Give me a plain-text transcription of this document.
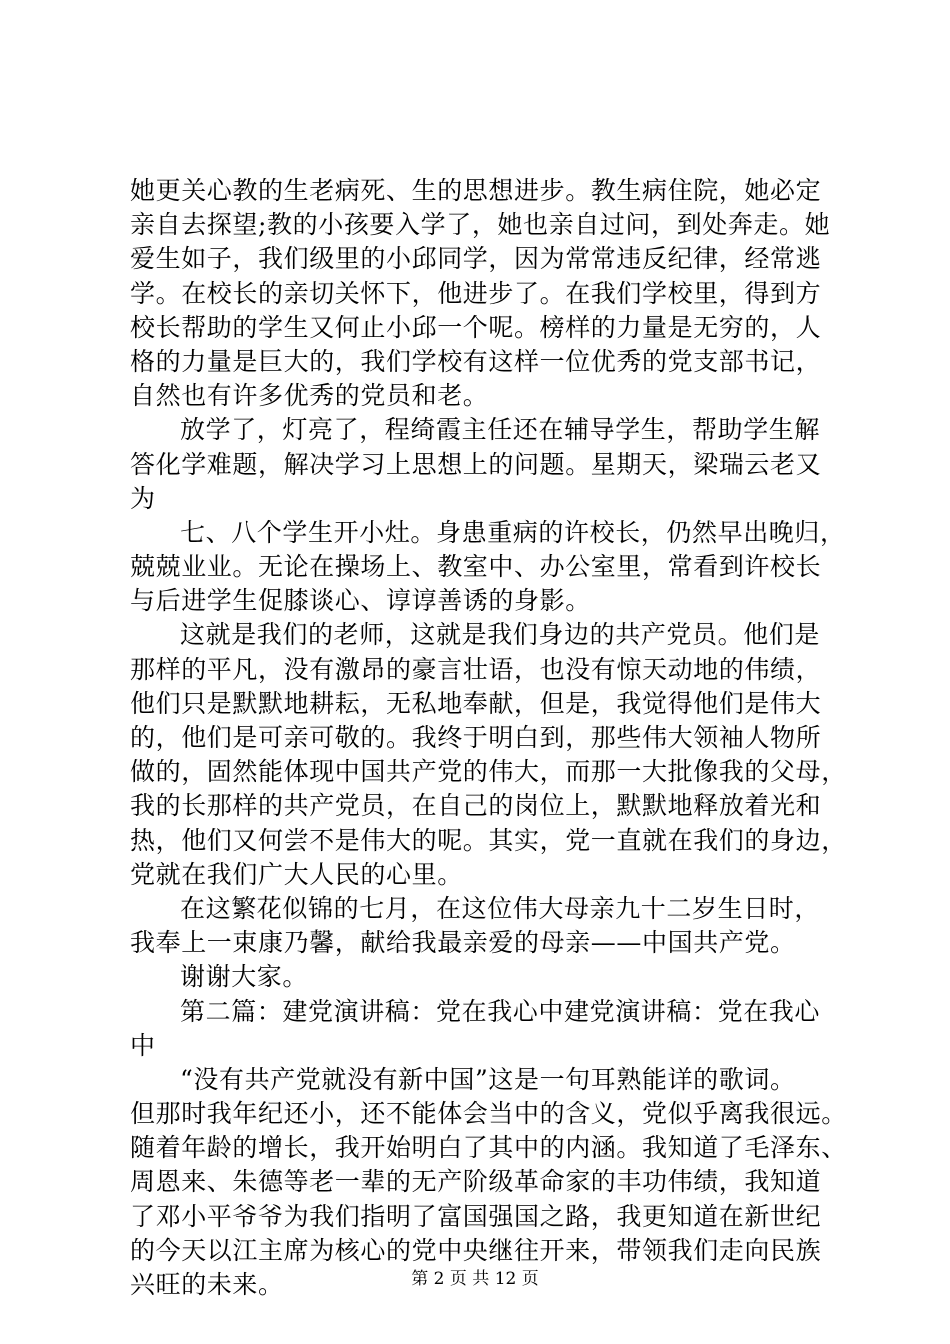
她更关心教的生老病死、生的思想进步。教生病住院，她必定
亲自去探望;教的小孩要入学了，她也亲自过问，到处奔走。她
爱生如子，我们级里的小邱同学，因为常常违反纪律，经常逃
学。在校长的亲切关怀下，他进步了。在我们学校里，得到方
校长帮助的学生又何止小邱一个呢。榜样的力量是无穷的，人
格的力量是巨大的，我们学校有这样一位优秀的党支部书记，
自然也有许多优秀的党员和老。
放学了，灯亮了，程绮霞主任还在辅导学生，帮助学生解
答化学难题，解决学习上思想上的问题。星期天，梁瑞云老又
为
七、八个学生开小灶。身患重病的许校长，仍然早出晚归，
兢兢业业。无论在操场上、教室中、办公室里，常看到许校长
与后进学生促膝谈心、谆谆善诱的身影。
这就是我们的老师，这就是我们身边的共产党员。他们是
那样的平凡，没有激昂的豪言壮语，也没有惊天动地的伟绩，
他们只是默默地耕耘，无私地奉献，但是，我觉得他们是伟大
的，他们是可亲可敬的。我终于明白到，那些伟大领袖人物所
做的，固然能体现中国共产党的伟大，而那一大批像我的父母，
我的长那样的共产党员，在自己的岗位上，默默地释放着光和
热，他们又何尝不是伟大的呢。其实，党一直就在我们的身边，
党就在我们广大人民的心里。
在这繁花似锦的七月，在这位伟大母亲九十二岁生日时，
我奉上一束康乃馨，献给我最亲爱的母亲——中国共产党。
谢谢大家。
第二篇：建党演讲稿：党在我心中建党演讲稿：党在我心
中
“没有共产党就没有新中国”这是一句耳熟能详的歌词。
但那时我年纪还小，还不能体会当中的含义，党似乎离我很远。
随着年龄的增长，我开始明白了其中的内涵。我知道了毛泽东、
周恩来、朱德等老一辈的无产阶级革命家的丰功伟绩，我知道
了邓小平爷爷为我们指明了富国强国之路，我更知道在新世纪
的今天以江主席为核心的党中央继往开来，带领我们走向民族
兴旺的未来。	第 2 页 共 12 页
